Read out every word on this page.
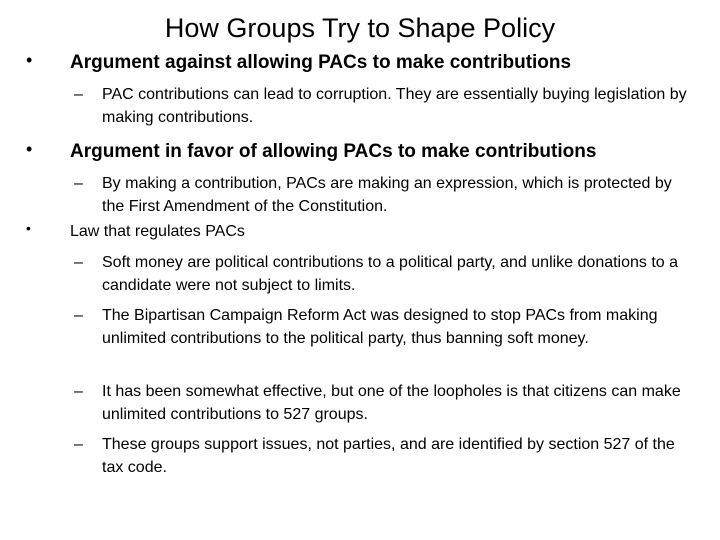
How Groups Try to Shape Policy
•	Argument against allowing PACs to make contributions
–	PAC contributions can lead to corruption. They are essentially buying legislation by making contributions.
•	Argument in favor of allowing PACs to make contributions
–	By making a contribution, PACs are making an expression, which is protected by the First Amendment of the Constitution.
•	Law that regulates PACs
–	Soft money are political contributions to a political party, and unlike donations to a candidate were not subject to limits.
–	The Bipartisan Campaign Reform Act was designed to stop PACs from making unlimited contributions to the political party, thus banning soft money.
–	It has been somewhat effective, but one of the loopholes is that citizens can make unlimited contributions to 527 groups.
–	These groups support issues, not parties, and are identified by section 527 of the tax code.
